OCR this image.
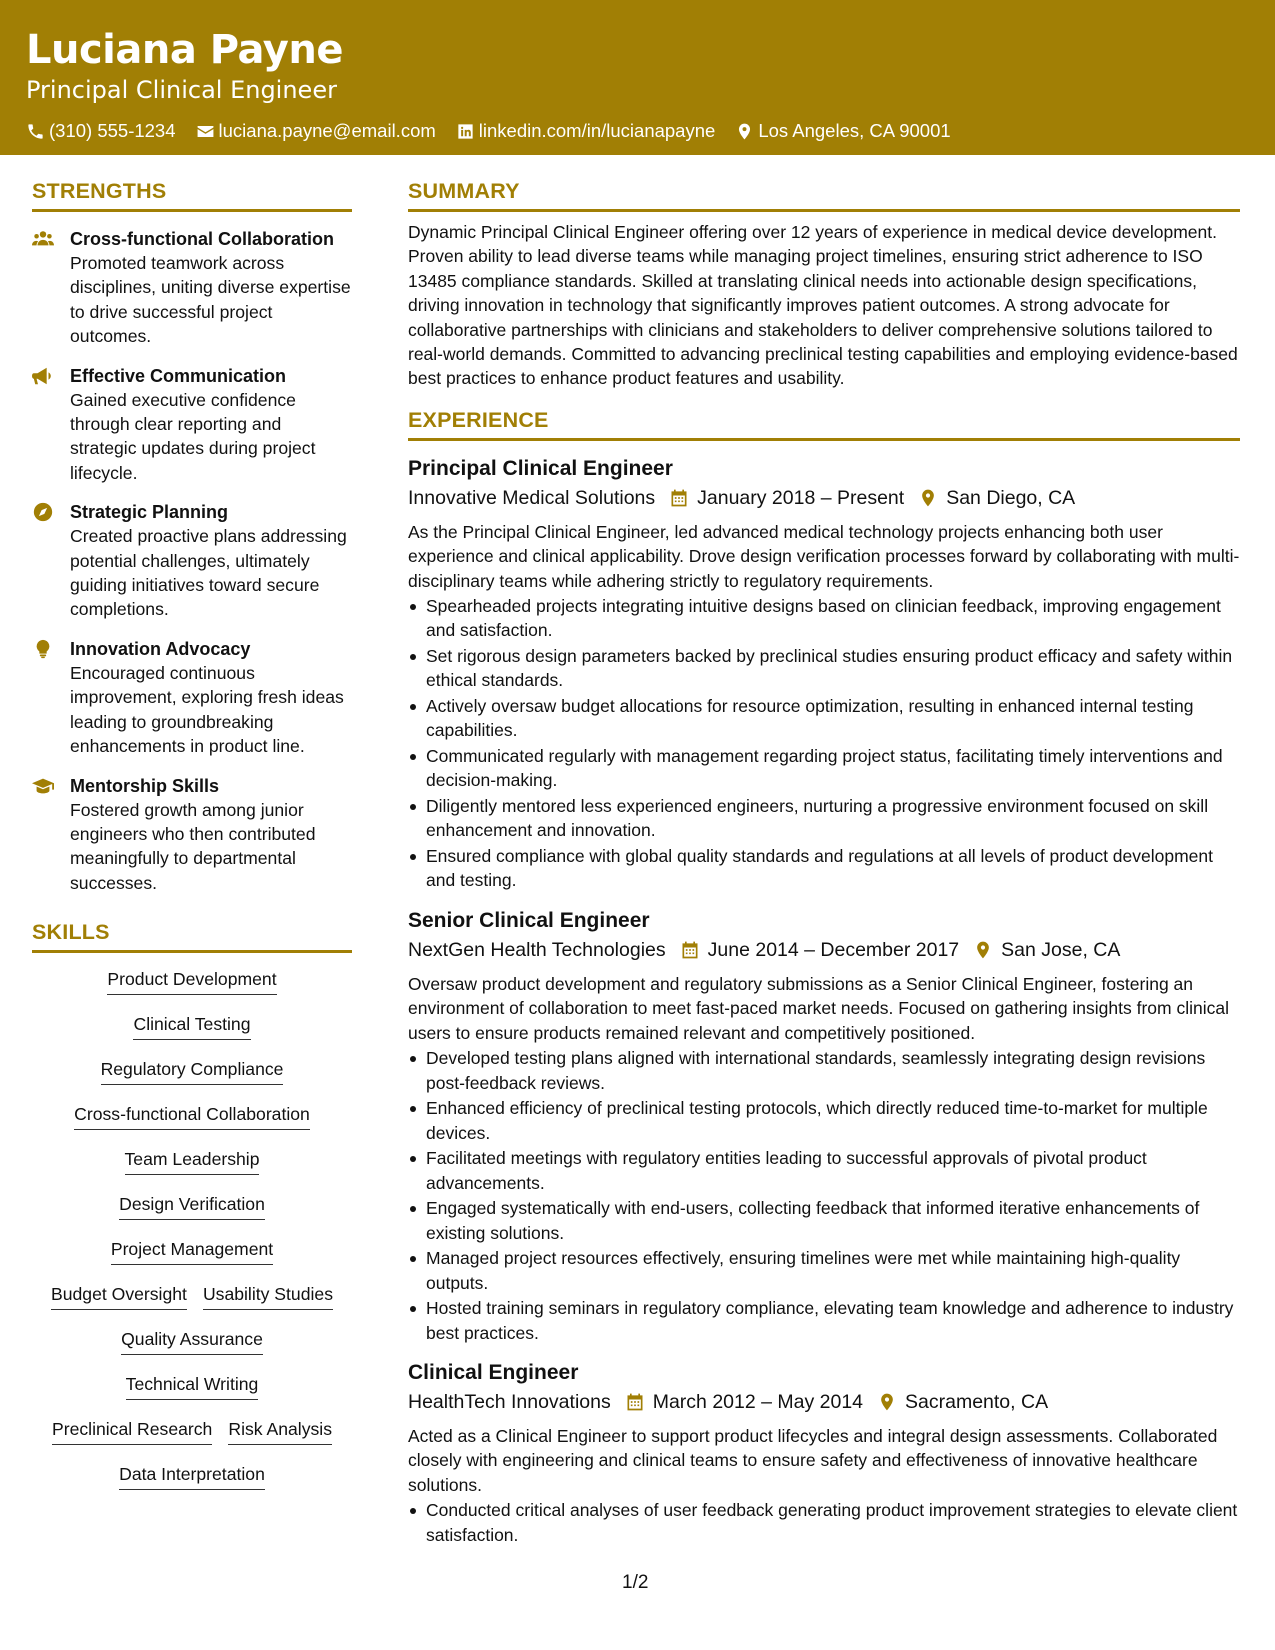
Luciana Payne
Principal Clinical Engineer
(310) 555-1234 luciana.payne@email.com linkedin.com/in/lucianapayne Los Angeles, CA 90001
STRENGTHS
Cross-functional Collaboration
Promoted teamwork across disciplines, uniting diverse expertise to drive successful project outcomes.
Effective Communication
Gained executive confidence through clear reporting and strategic updates during project lifecycle.
Strategic Planning
Created proactive plans addressing potential challenges, ultimately guiding initiatives toward secure completions.
Innovation Advocacy
Encouraged continuous improvement, exploring fresh ideas leading to groundbreaking enhancements in product line.
Mentorship Skills
Fostered growth among junior engineers who then contributed meaningfully to departmental successes.
SKILLS
Product Development
Clinical Testing
Regulatory Compliance
Cross-functional Collaboration
Team Leadership
Design Verification
Project Management
Budget Oversight Usability Studies
Quality Assurance
Technical Writing
Preclinical Research Risk Analysis
Data Interpretation
SUMMARY

Dynamic Principal Clinical Engineer offering over 12 years of experience in medical device development. Proven ability to lead diverse teams while managing project timelines, ensuring strict adherence to ISO 13485 compliance standards. Skilled at translating clinical needs into actionable design specifications, driving innovation in technology that significantly improves patient outcomes. A strong advocate for collaborative partnerships with clinicians and stakeholders to deliver comprehensive solutions tailored to real-world demands. Committed to advancing preclinical testing capabilities and employing evidence-based best practices to enhance product features and usability.

EXPERIENCE
Principal Clinical Engineer
Innovative Medical Solutions January 2018 – Present San Diego, CA

As the Principal Clinical Engineer, led advanced medical technology projects enhancing both user experience and clinical applicability. Drove design verification processes forward by collaborating with multi-disciplinary teams while adhering strictly to regulatory requirements.

Spearheaded projects integrating intuitive designs based on clinician feedback, improving engagement and satisfaction.
Set rigorous design parameters backed by preclinical studies ensuring product efficacy and safety within ethical standards.
Actively oversaw budget allocations for resource optimization, resulting in enhanced internal testing capabilities.
Communicated regularly with management regarding project status, facilitating timely interventions and decision-making.
Diligently mentored less experienced engineers, nurturing a progressive environment focused on skill enhancement and innovation.
Ensured compliance with global quality standards and regulations at all levels of product development and testing.
Senior Clinical Engineer
NextGen Health Technologies June 2014 – December 2017 San Jose, CA

Oversaw product development and regulatory submissions as a Senior Clinical Engineer, fostering an environment of collaboration to meet fast-paced market needs. Focused on gathering insights from clinical users to ensure products remained relevant and competitively positioned.

Developed testing plans aligned with international standards, seamlessly integrating design revisions post-feedback reviews.
Enhanced efficiency of preclinical testing protocols, which directly reduced time-to-market for multiple devices.
Facilitated meetings with regulatory entities leading to successful approvals of pivotal product advancements.
Engaged systematically with end-users, collecting feedback that informed iterative enhancements of existing solutions.
Managed project resources effectively, ensuring timelines were met while maintaining high-quality outputs.
Hosted training seminars in regulatory compliance, elevating team knowledge and adherence to industry best practices.
Clinical Engineer
HealthTech Innovations March 2012 – May 2014 Sacramento, CA

Acted as a Clinical Engineer to support product lifecycles and integral design assessments. Collaborated closely with engineering and clinical teams to ensure safety and effectiveness of innovative healthcare solutions.

Conducted critical analyses of user feedback generating product improvement strategies to elevate client satisfaction.
1/2
